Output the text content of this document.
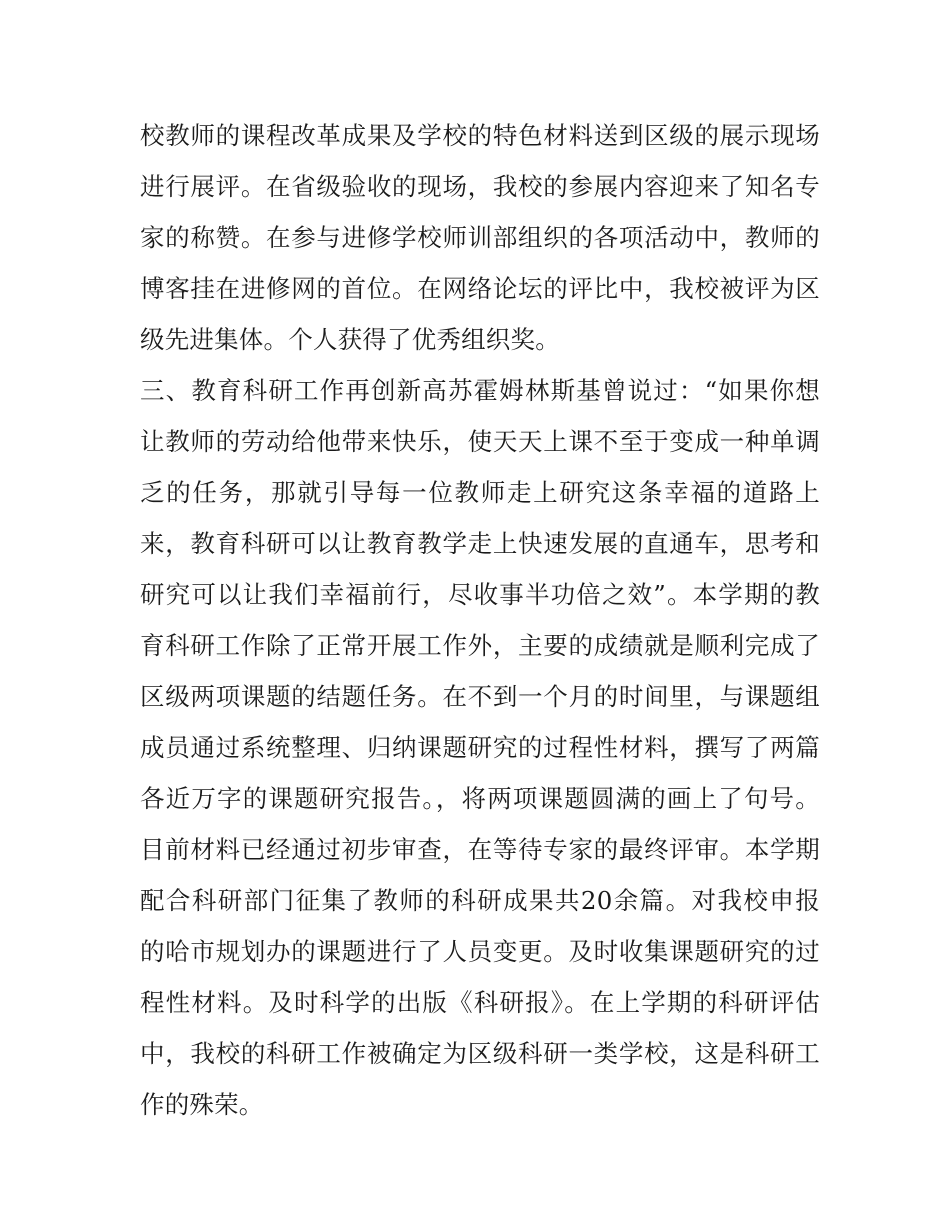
校教师的课程改革成果及学校的特色材料送到区级的展示现场
进行展评。在省级验收的现场，我校的参展内容迎来了知名专
家的称赞。在参与进修学校师训部组织的各项活动中，教师的
博客挂在进修网的首位。在网络论坛的评比中，我校被评为区
级先进集体。个人获得了优秀组织奖。
三、教育科研工作再创新高苏霍姆林斯基曾说过：“如果你想
让教师的劳动给他带来快乐，使天天上课不至于变成一种单调
乏的任务，那就引导每一位教师走上研究这条幸福的道路上
来，教育科研可以让教育教学走上快速发展的直通车，思考和
研究可以让我们幸福前行，尽收事半功倍之效”。本学期的教
育科研工作除了正常开展工作外，主要的成绩就是顺利完成了
区级两项课题的结题任务。在不到一个月的时间里，与课题组
成员通过系统整理、归纳课题研究的过程性材料，撰写了两篇
各近万字的课题研究报告。，将两项课题圆满的画上了句号。
目前材料已经通过初步审查，在等待专家的最终评审。本学期
配合科研部门征集了教师的科研成果共20余篇。对我校申报
的哈市规划办的课题进行了人员变更。及时收集课题研究的过
程性材料。及时科学的出版《科研报》。在上学期的科研评估
中，我校的科研工作被确定为区级科研一类学校，这是科研工
作的殊荣。
